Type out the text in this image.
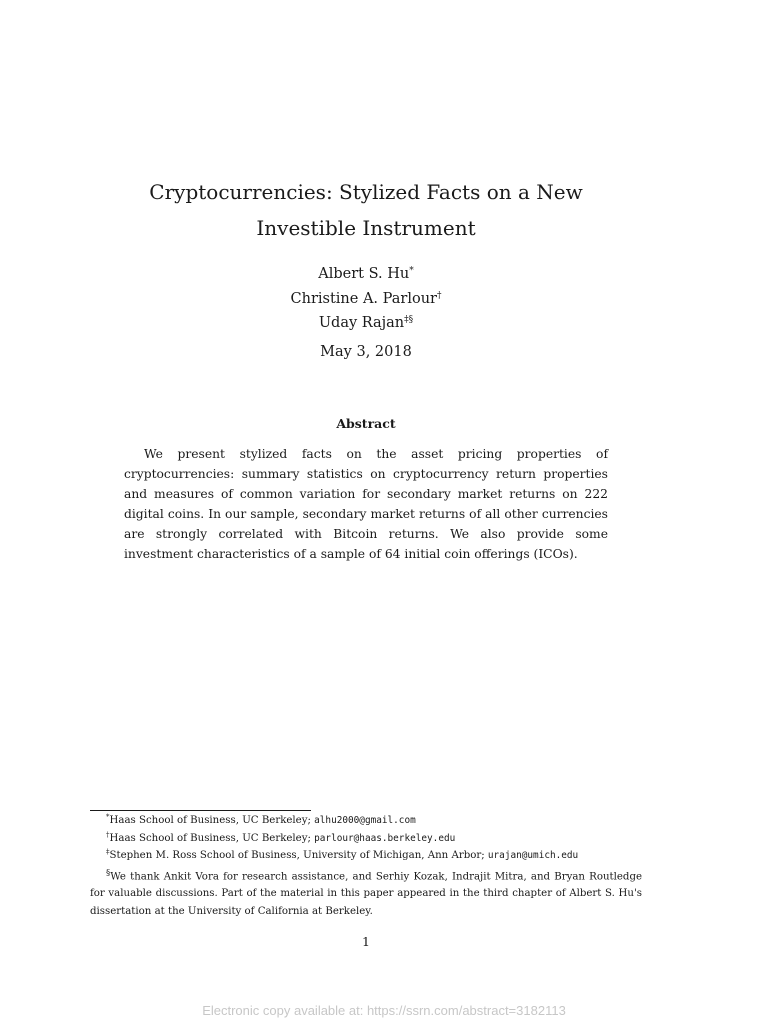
Cryptocurrencies: Stylized Facts on a New Investible Instrument
Albert S. Hu*
Christine A. Parlour†
Uday Rajan‡§
May 3, 2018
Abstract

We present stylized facts on the asset pricing properties of cryptocurrencies: summary statistics on cryptocurrency return properties and measures of common variation for secondary market returns on 222 digital coins. In our sample, secondary market returns of all other currencies are strongly correlated with Bitcoin returns. We also provide some investment characteristics of a sample of 64 initial coin offerings (ICOs).

*Haas School of Business, UC Berkeley; alhu2000@gmail.com

†Haas School of Business, UC Berkeley; parlour@haas.berkeley.edu

‡Stephen M. Ross School of Business, University of Michigan, Ann Arbor; urajan@umich.edu

§We thank Ankit Vora for research assistance, and Serhiy Kozak, Indrajit Mitra, and Bryan Routledge for valuable discussions. Part of the material in this paper appeared in the third chapter of Albert S. Hu's dissertation at the University of California at Berkeley.

1
Electronic copy available at: https://ssrn.com/abstract=3182113
